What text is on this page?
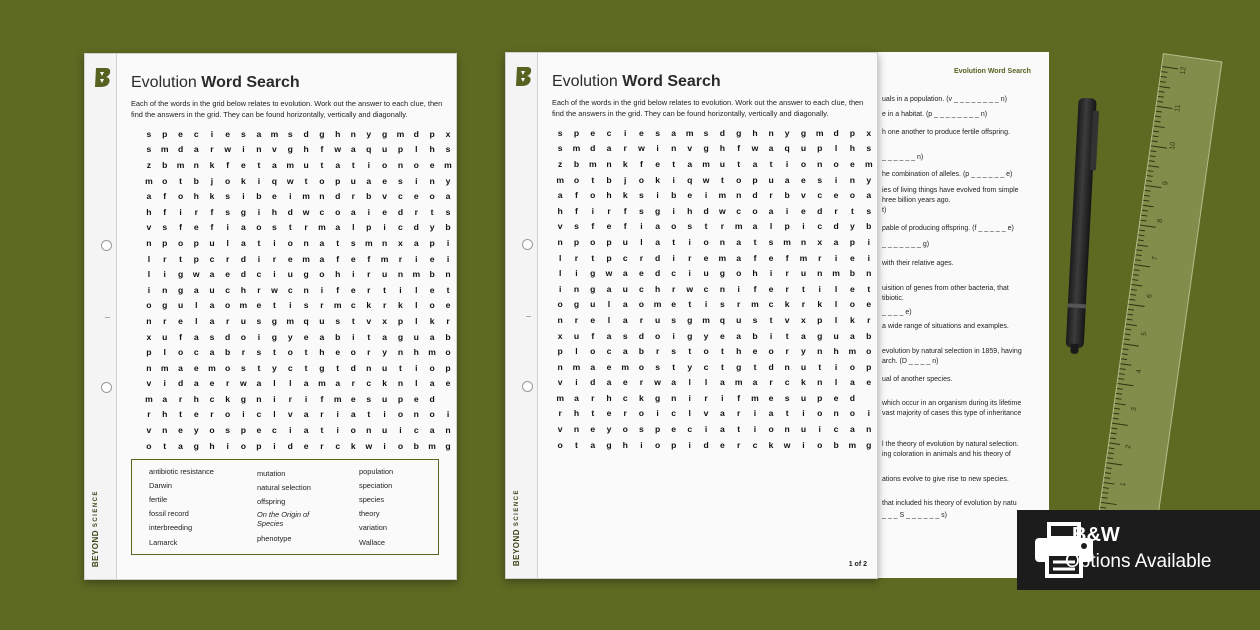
BEYOND SCIENCE
Evolution Word Search
Each of the words in the grid below relates to evolution. Work out the answer to each clue, then find the answers in the grid. They can be found horizontally, vertically and diagonally.
s	p	e	c	i	e	s	a	m	s	d	g	h	n	y	g	m	d	p	x
s	m	d	a	r	w	i	n	v	g	h	f	w	a	q	u	p	l	h	s
z	b	m	n	k	f	e	t	a	m	u	t	a	t	i	o	n	o	e	m
m	o	t	b	j	o	k	i	q	w	t	o	p	u	a	e	s	i	n	y
a	f	o	h	k	s	i	b	e	i	m	n	d	r	b	v	c	e	o	a
h	f	i	r	f	s	g	i	h	d	w	c	o	a	i	e	d	r	t	s
v	s	f	e	f	i	a	o	s	t	r	m	a	l	p	i	c	d	y	b
n	p	o	p	u	l	a	t	i	o	n	a	t	s	m	n	x	a	p	i
l	r	t	p	c	r	d	i	r	e	m	a	f	e	f	m	r	i	e	i
l	i	g	w	a	e	d	c	i	u	g	o	h	i	r	u	n	m	b	n
i	n	g	a	u	c	h	r	w	c	n	i	f	e	r	t	i	l	e	t
o	g	u	l	a	o	m	e	t	i	s	r	m	c	k	r	k	l	o	e
n	r	e	l	a	r	u	s	g	m	q	u	s	t	v	x	p	l	k	r
x	u	f	a	s	d	o	i	g	y	e	a	b	i	t	a	g	u	a	b
p	l	o	c	a	b	r	s	t	o	t	h	e	o	r	y	n	h	m	o
n	m	a	e	m	o	s	t	y	c	t	g	t	d	n	u	t	i	o	p
v	i	d	a	e	r	w	a	l	l	a	m	a	r	c	k	n	l	a	e
m	a	r	h	c	k	g	n	i	r	i	f	m	e	s	u	p	e	d	
r	h	t	e	r	o	i	c	l	v	a	r	i	a	t	i	o	n	o	i
v	n	e	y	o	s	p	e	c	i	a	t	i	o	n	u	i	c	a	n
o	t	a	g	h	i	o	p	i	d	e	r	c	k	w	i	o	b	m	g
antibiotic resistance
Darwin
fertile
fossil record
interbreeding
Lamarck
mutation
natural selection
offspring
On the Origin of Species
phenotype
population
speciation
species
theory
variation
Wallace
Evolution Word Search
uals in a population. (v _ _ _ _ _ _ _ _ n)
e in a habitat. (p _ _ _ _ _ _ _ _ n)
h one another to produce fertile offspring.
_ _ _ _ _ _ n)
he combination of alleles. (p _ _ _ _ _ _ e)
ies of living things have evolved from simple
hree billion years ago.
t)
pable of producing offspring. (f _ _ _ _ _ e)
_ _ _ _ _ _ _ g)
with their relative ages.
uisition of genes from other bacteria, that
tibiotic.
_ _ _ _ e)
a wide range of situations and examples.
evolution by natural selection in 1859, having
arch. (D _ _ _ _ n)
ual of another species.
which occur in an organism during its lifetime
vast majority of cases this type of inheritance
l the theory of evolution by natural selection.
ing coloration in animals and his theory of
ations evolve to give rise to new species.
that included his theory of evolution by natu
_ _ _ S _ _ _ _ _ _ s)
BEYOND SCIENCE
Evolution Word Search
Each of the words in the grid below relates to evolution. Work out the answer to each clue, then find the answers in the grid. They can be found horizontally, vertically and diagonally.
s	p	e	c	i	e	s	a	m	s	d	g	h	n	y	g	m	d	p	x
s	m	d	a	r	w	i	n	v	g	h	f	w	a	q	u	p	l	h	s
z	b	m	n	k	f	e	t	a	m	u	t	a	t	i	o	n	o	e	m
m	o	t	b	j	o	k	i	q	w	t	o	p	u	a	e	s	i	n	y
a	f	o	h	k	s	i	b	e	i	m	n	d	r	b	v	c	e	o	a
h	f	i	r	f	s	g	i	h	d	w	c	o	a	i	e	d	r	t	s
v	s	f	e	f	i	a	o	s	t	r	m	a	l	p	i	c	d	y	b
n	p	o	p	u	l	a	t	i	o	n	a	t	s	m	n	x	a	p	i
l	r	t	p	c	r	d	i	r	e	m	a	f	e	f	m	r	i	e	i
l	i	g	w	a	e	d	c	i	u	g	o	h	i	r	u	n	m	b	n
i	n	g	a	u	c	h	r	w	c	n	i	f	e	r	t	i	l	e	t
o	g	u	l	a	o	m	e	t	i	s	r	m	c	k	r	k	l	o	e
n	r	e	l	a	r	u	s	g	m	q	u	s	t	v	x	p	l	k	r
x	u	f	a	s	d	o	i	g	y	e	a	b	i	t	a	g	u	a	b
p	l	o	c	a	b	r	s	t	o	t	h	e	o	r	y	n	h	m	o
n	m	a	e	m	o	s	t	y	c	t	g	t	d	n	u	t	i	o	p
v	i	d	a	e	r	w	a	l	l	a	m	a	r	c	k	n	l	a	e
m	a	r	h	c	k	g	n	i	r	i	f	m	e	s	u	p	e	d	
r	h	t	e	r	o	i	c	l	v	a	r	i	a	t	i	o	n	o	i
v	n	e	y	o	s	p	e	c	i	a	t	i	o	n	u	i	c	a	n
o	t	a	g	h	i	o	p	i	d	e	r	c	k	w	i	o	b	m	g
1 of 2
12
11
10
9
8
7
6
5
4
3
2
1
B&W
Options Available
